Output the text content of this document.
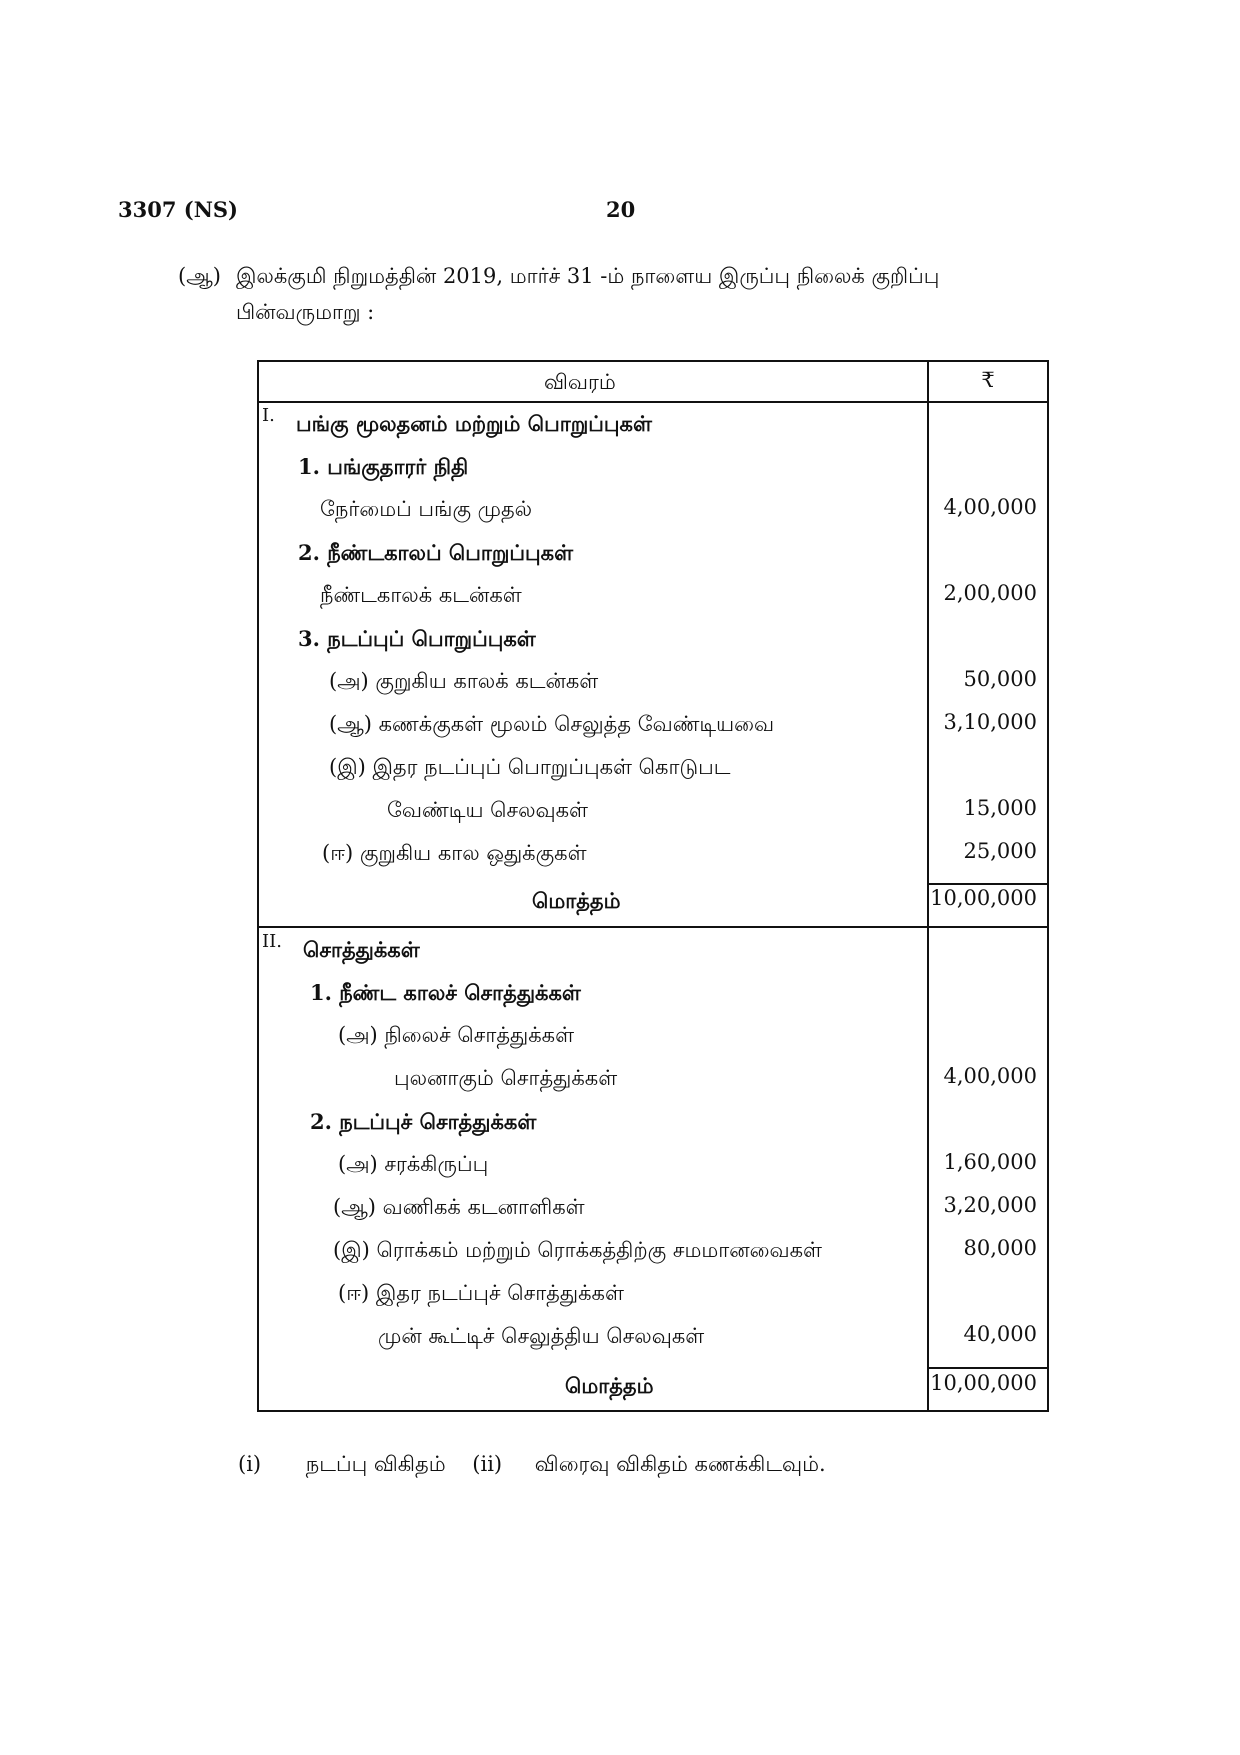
3307 (NS)	20
(ஆ) இலக்குமி நிறுமத்தின் 2019, மார்ச் 31 -ம் நாளைய இருப்பு நிலைக் குறிப்பு
பின்வருமாறு :
விவரம்	₹
I. பங்கு மூலதனம் மற்றும் பொறுப்புகள்
1. பங்குதாரர் நிதி
நேர்மைப் பங்கு முதல்	4,00,000
2. நீண்டகாலப் பொறுப்புகள்
நீண்டகாலக் கடன்கள்	2,00,000
3. நடப்புப் பொறுப்புகள்
(அ) குறுகிய காலக் கடன்கள்	50,000
(ஆ) கணக்குகள் மூலம் செலுத்த வேண்டியவை	3,10,000
(இ) இதர நடப்புப் பொறுப்புகள் கொடுபட
வேண்டிய செலவுகள்	15,000
(ஈ) குறுகிய கால ஒதுக்குகள்	25,000
மொத்தம்	10,00,000
II. சொத்துக்கள்
1. நீண்ட காலச் சொத்துக்கள்
(அ) நிலைச் சொத்துக்கள்
புலனாகும் சொத்துக்கள்	4,00,000
2. நடப்புச் சொத்துக்கள்
(அ) சரக்கிருப்பு	1,60,000
(ஆ) வணிகக் கடனாளிகள்	3,20,000
(இ) ரொக்கம் மற்றும் ரொக்கத்திற்கு சமமானவைகள்	80,000
(ஈ) இதர நடப்புச் சொத்துக்கள்
முன் கூட்டிச் செலுத்திய செலவுகள்	40,000
மொத்தம்	10,00,000
(i) நடப்பு விகிதம் (ii) விரைவு விகிதம் கணக்கிடவும்.
